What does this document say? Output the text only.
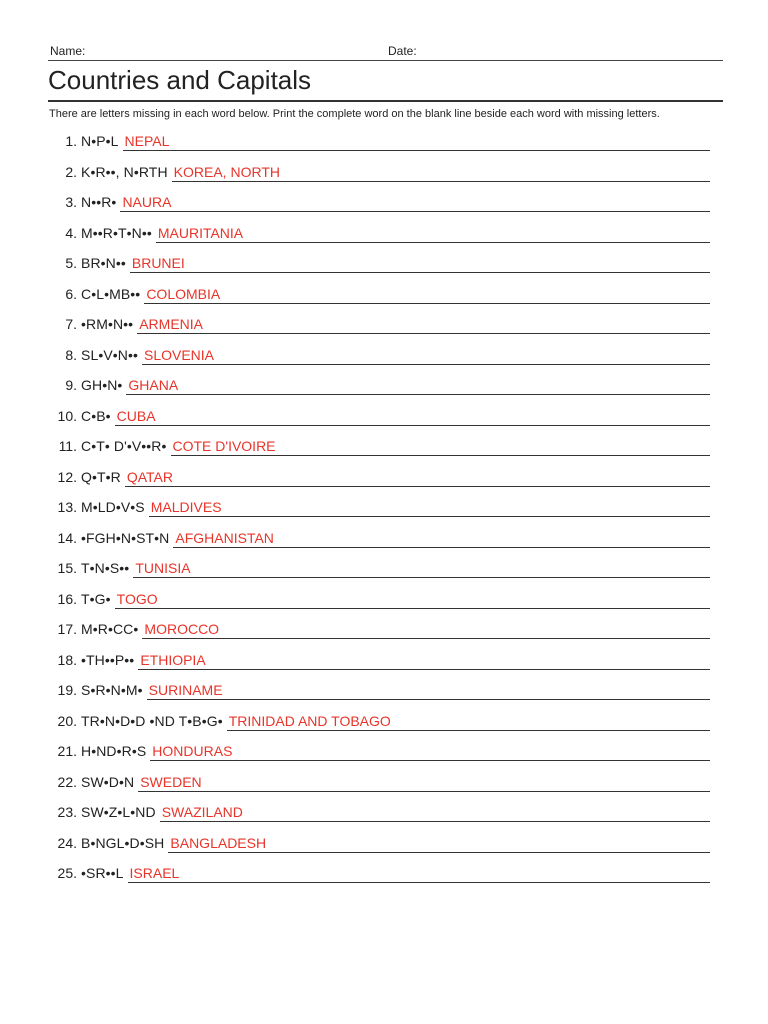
Name:	Date:
Countries and Capitals
There are letters missing in each word below. Print the complete word on the blank line beside each word with missing letters.
1. N•P•L NEPAL
2. K•R••, N•RTH KOREA, NORTH
3. N••R• NAURA
4. M••R•T•N•• MAURITANIA
5. BR•N•• BRUNEI
6. C•L•MB•• COLOMBIA
7. •RM•N•• ARMENIA
8. SL•V•N•• SLOVENIA
9. GH•N• GHANA
10. C•B• CUBA
11. C•T• D'•V••R• COTE D'IVOIRE
12. Q•T•R QATAR
13. M•LD•V•S MALDIVES
14. •FGH•N•ST•N AFGHANISTAN
15. T•N•S•• TUNISIA
16. T•G• TOGO
17. M•R•CC• MOROCCO
18. •TH••P•• ETHIOPIA
19. S•R•N•M• SURINAME
20. TR•N•D•D •ND T•B•G• TRINIDAD AND TOBAGO
21. H•ND•R•S HONDURAS
22. SW•D•N SWEDEN
23. SW•Z•L•ND SWAZILAND
24. B•NGL•D•SH BANGLADESH
25. •SR••L ISRAEL
